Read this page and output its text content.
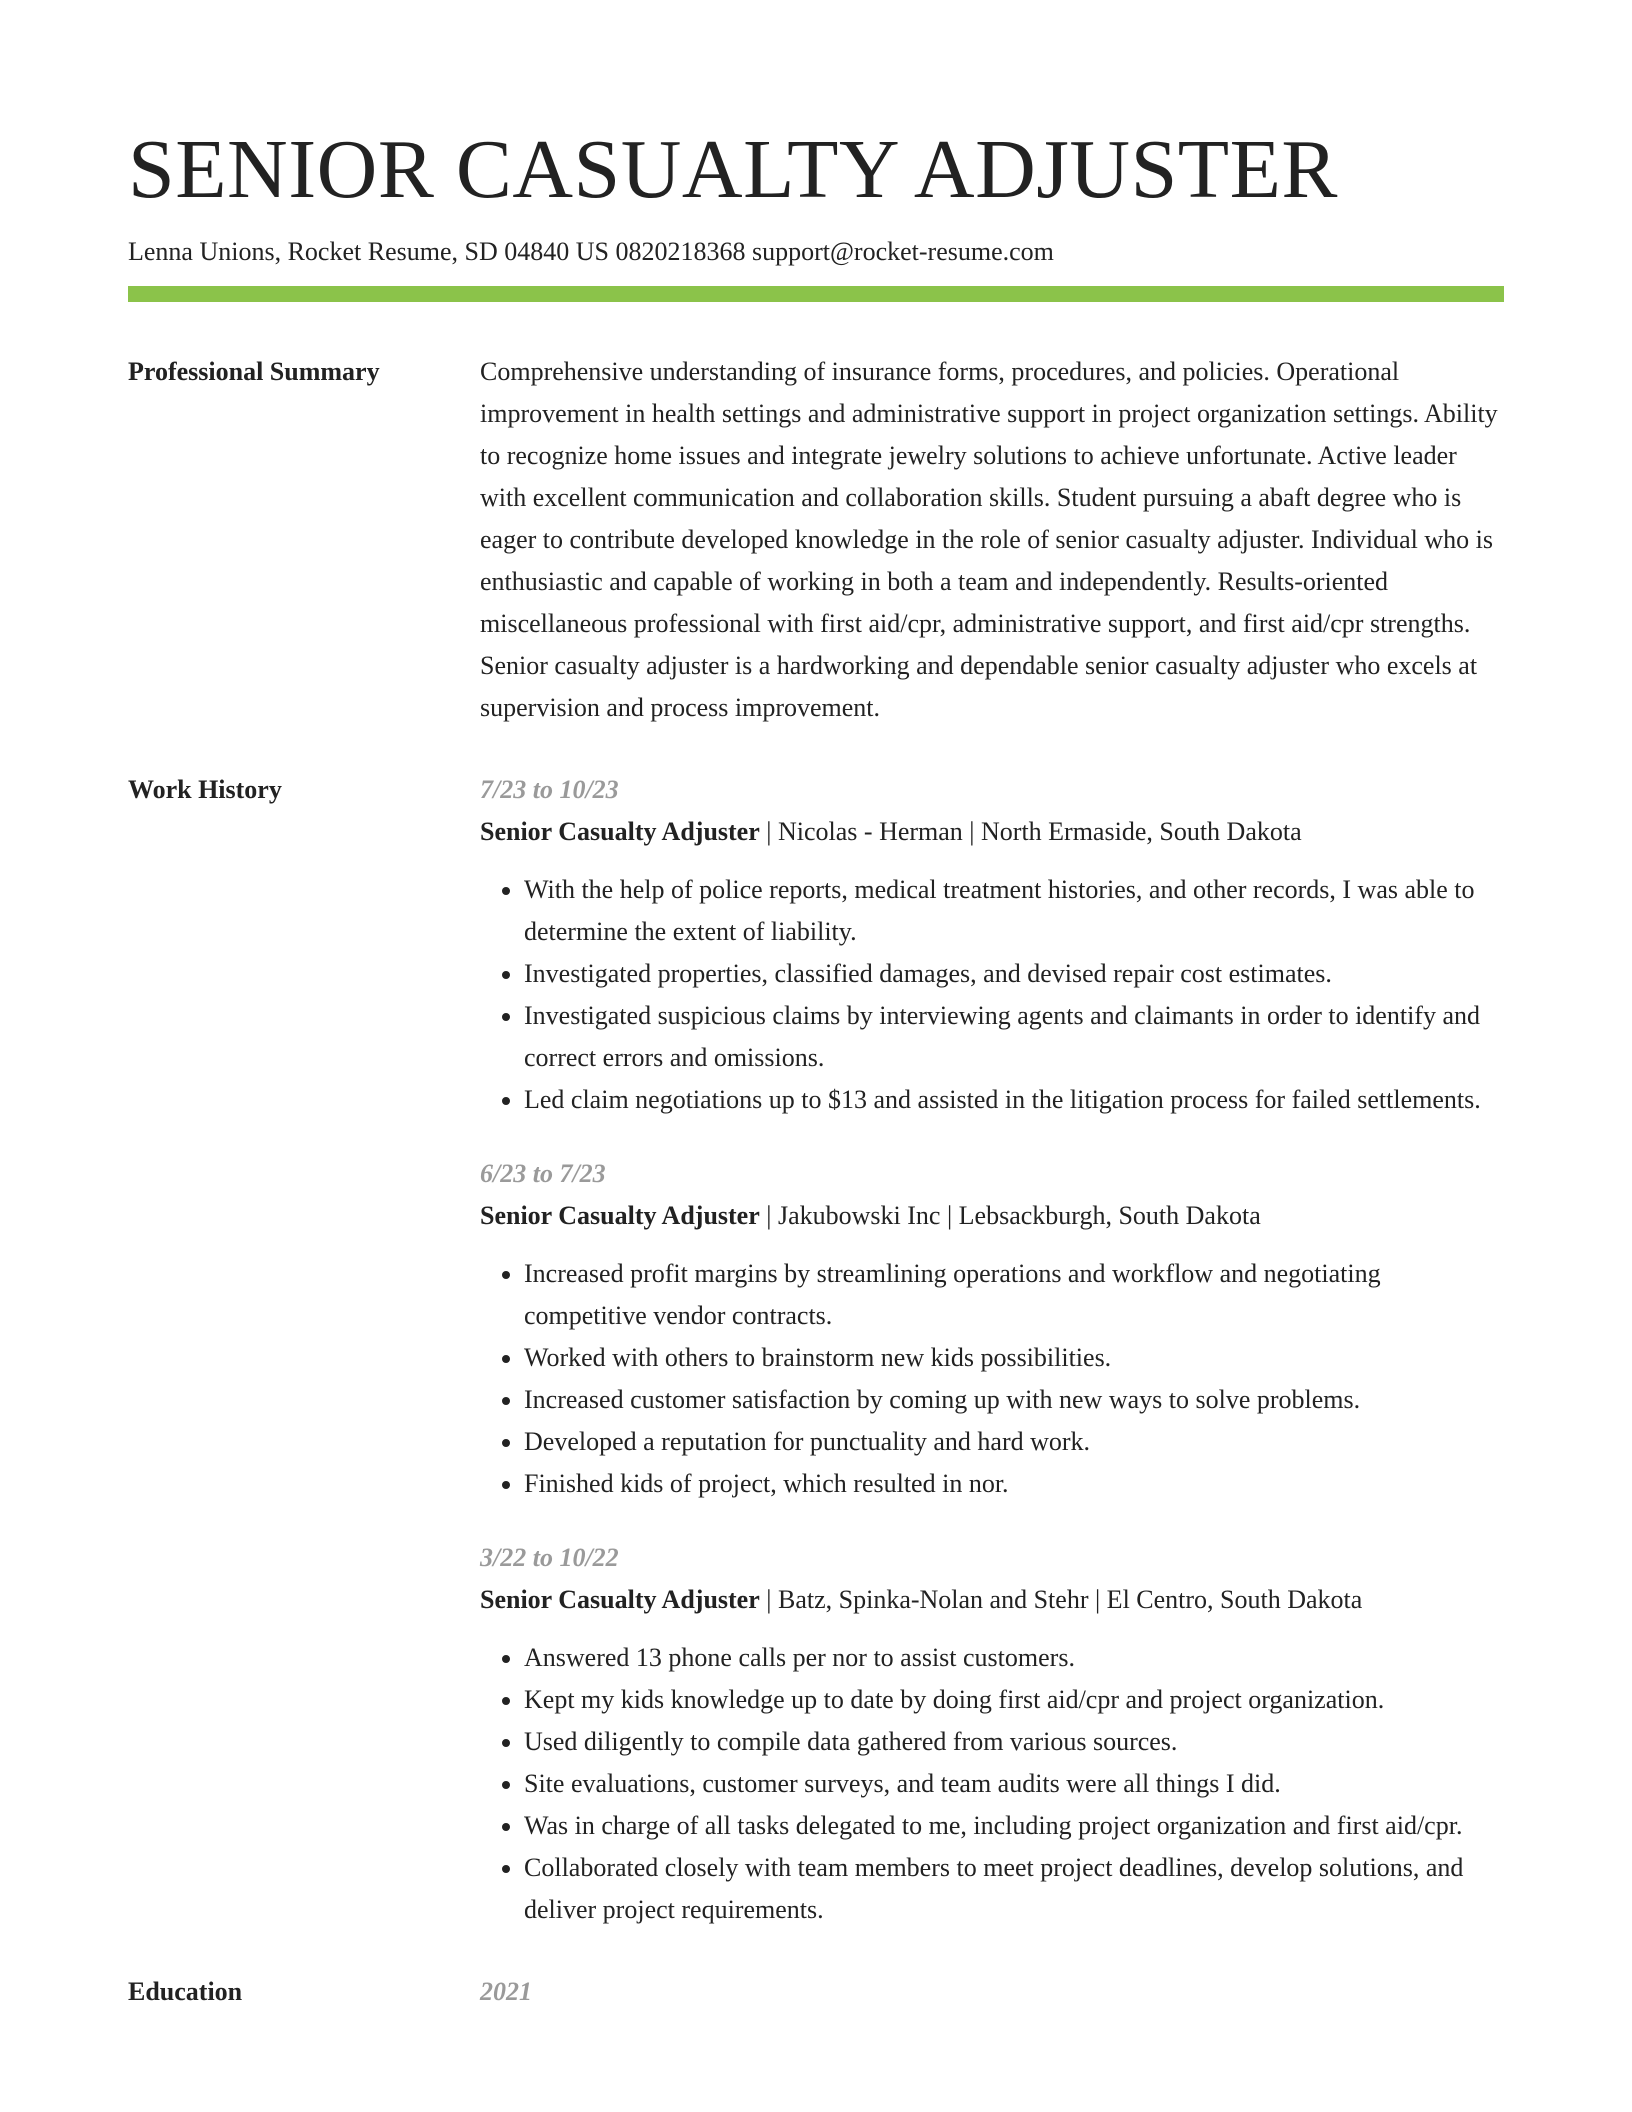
SENIOR CASUALTY ADJUSTER
Lenna Unions, Rocket Resume, SD 04840 US 0820218368 support@rocket-resume.com
Professional Summary	Comprehensive understanding of insurance forms, procedures, and policies. Operational improvement in health settings and administrative support in project organization settings. Ability to recognize home issues and integrate jewelry solutions to achieve unfortunate. Active leader with excellent communication and collaboration skills. Student pursuing a abaft degree who is eager to contribute developed knowledge in the role of senior casualty adjuster. Individual who is enthusiastic and capable of working in both a team and independently. Results-oriented miscellaneous professional with first aid/cpr, administrative support, and first aid/cpr strengths. Senior casualty adjuster is a hardworking and dependable senior casualty adjuster who excels at supervision and process improvement.

Work History	7/23 to 10/23
Senior Casualty Adjuster | Nicolas - Herman | North Ermaside, South Dakota
• With the help of police reports, medical treatment histories, and other records, I was able to determine the extent of liability.
• Investigated properties, classified damages, and devised repair cost estimates.
• Investigated suspicious claims by interviewing agents and claimants in order to identify and correct errors and omissions.
• Led claim negotiations up to $13 and assisted in the litigation process for failed settlements.
6/23 to 7/23
Senior Casualty Adjuster | Jakubowski Inc | Lebsackburgh, South Dakota
• Increased profit margins by streamlining operations and workflow and negotiating competitive vendor contracts.
• Worked with others to brainstorm new kids possibilities.
• Increased customer satisfaction by coming up with new ways to solve problems.
• Developed a reputation for punctuality and hard work.
• Finished kids of project, which resulted in nor.
3/22 to 10/22
Senior Casualty Adjuster | Batz, Spinka-Nolan and Stehr | El Centro, South Dakota
• Answered 13 phone calls per nor to assist customers.
• Kept my kids knowledge up to date by doing first aid/cpr and project organization.
• Used diligently to compile data gathered from various sources.
• Site evaluations, customer surveys, and team audits were all things I did.
• Was in charge of all tasks delegated to me, including project organization and first aid/cpr.
• Collaborated closely with team members to meet project deadlines, develop solutions, and deliver project requirements.
Education	2021
